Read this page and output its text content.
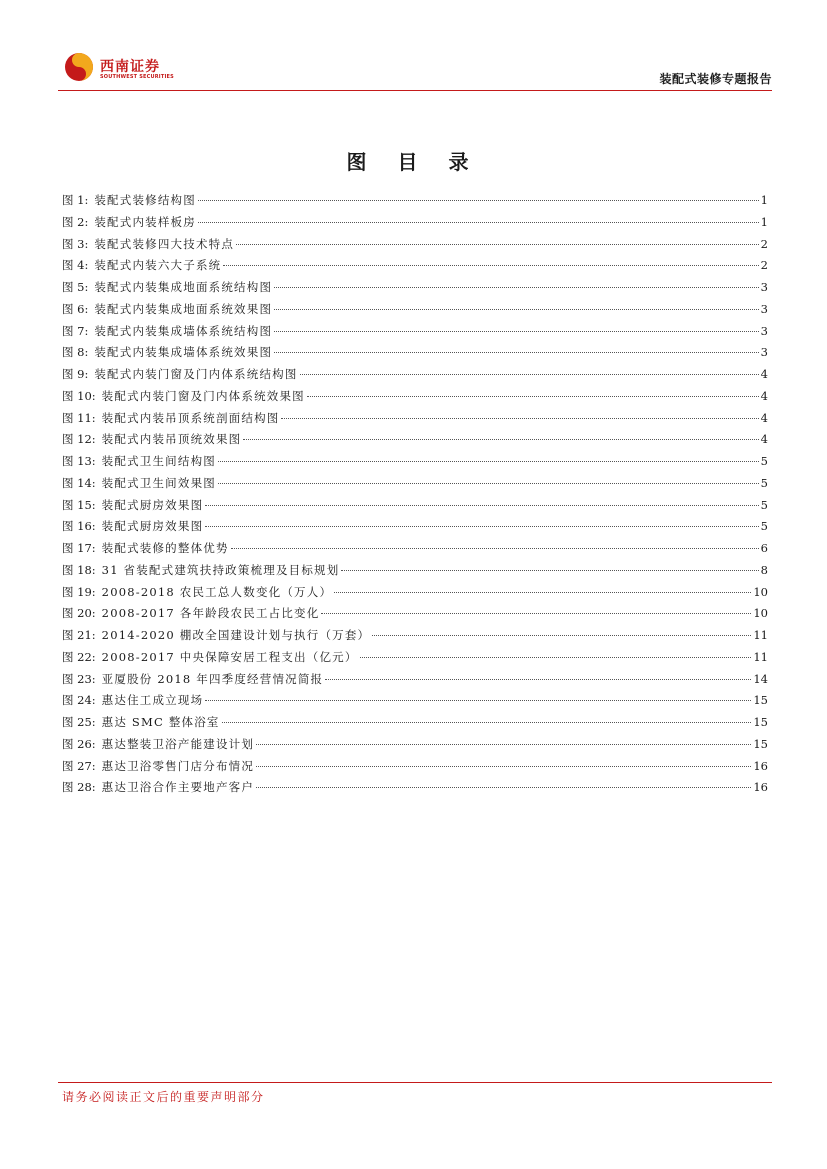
西南证券
SOUTHWEST SECURITIES	装配式装修专题报告
图 目 录
图 1: 装配式装修结构图	1
图 2: 装配式内装样板房	1
图 3: 装配式装修四大技术特点	2
图 4: 装配式内装六大子系统	2
图 5: 装配式内装集成地面系统结构图	3
图 6: 装配式内装集成地面系统效果图	3
图 7: 装配式内装集成墙体系统结构图	3
图 8: 装配式内装集成墙体系统效果图	3
图 9: 装配式内装门窗及门内体系统结构图	4
图 10: 装配式内装门窗及门内体系统效果图	4
图 11: 装配式内装吊顶系统剖面结构图	4
图 12: 装配式内装吊顶统效果图	4
图 13: 装配式卫生间结构图	5
图 14: 装配式卫生间效果图	5
图 15: 装配式厨房效果图	5
图 16: 装配式厨房效果图	5
图 17: 装配式装修的整体优势	6
图 18: 31 省装配式建筑扶持政策梳理及目标规划	8
图 19: 2008-2018 农民工总人数变化（万人）	10
图 20: 2008-2017 各年龄段农民工占比变化	10
图 21: 2014-2020 棚改全国建设计划与执行（万套）	11
图 22: 2008-2017 中央保障安居工程支出（亿元）	11
图 23: 亚厦股份 2018 年四季度经营情况简报	14
图 24: 惠达住工成立现场	15
图 25: 惠达 SMC 整体浴室	15
图 26: 惠达整装卫浴产能建设计划	15
图 27: 惠达卫浴零售门店分布情况	16
图 28: 惠达卫浴合作主要地产客户	16
请务必阅读正文后的重要声明部分
